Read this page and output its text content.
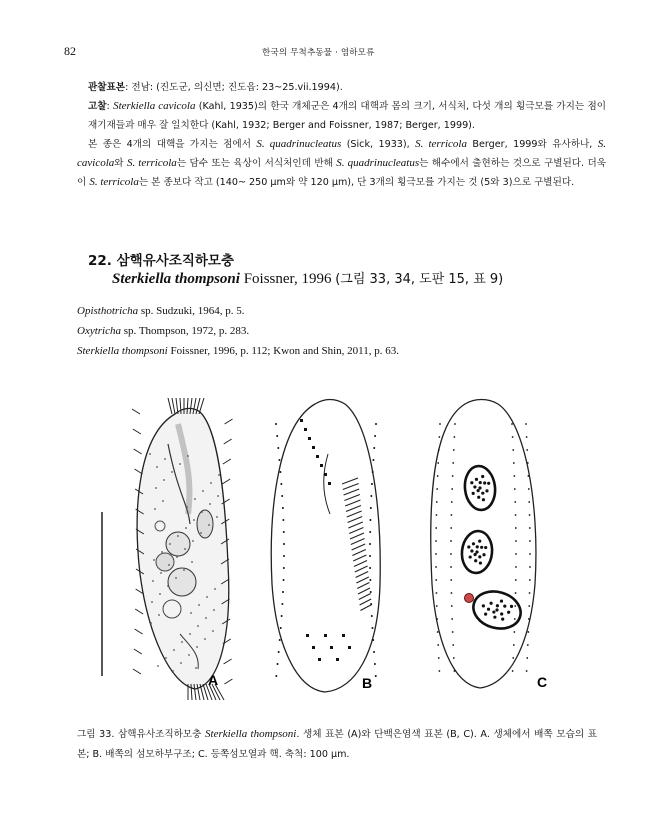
82	한국의 무척추동물 · 염하모류
관찰표본: 전남: (진도군, 의신면; 진도읍: 23~25.vii.1994).
고찰: Sterkiella cavicola (Kahl, 1935)의 한국 개체군은 4개의 대핵과 몸의 크기, 서식처, 다섯 개의 횡극모를 가지는 점이 재기재들과 매우 잘 일치한다 (Kahl, 1932; Berger and Foissner, 1987; Berger, 1999).
본 종은 4개의 대핵을 가지는 점에서 S. quadrinucleatus (Sick, 1933), S. terricola Berger, 1999와 유사하나, S. cavicola와 S. terricola는 담수 또는 육상이 서식처인데 반해 S. quadrinucleatus는 해수에서 출현하는 것으로 구별된다. 더욱이 S. terricola는 본 종보다 작고 (140~ 250 μm와 약 120 μm), 단 3개의 횡극모를 가지는 것 (5와 3)으로 구별된다.
22. 삼핵유사조직하모충
Sterkiella thompsoni Foissner, 1996 (그림 33, 34, 도판 15, 표 9)
Opisthotricha sp. Sudzuki, 1964, p. 5.
Oxytricha sp. Thompson, 1972, p. 283.
Sterkiella thompsoni Foissner, 1996, p. 112; Kwon and Shin, 2011, p. 63.
A	B	C
그림 33. 삼핵유사조직하모충 Sterkiella thompsoni. 생체 표본 (A)와 단백은염색 표본 (B, C). A. 생체에서 배쪽 모습의 표본; B. 배쪽의 섬모하부구조; C. 등쪽섬모열과 핵. 축척: 100 μm.
